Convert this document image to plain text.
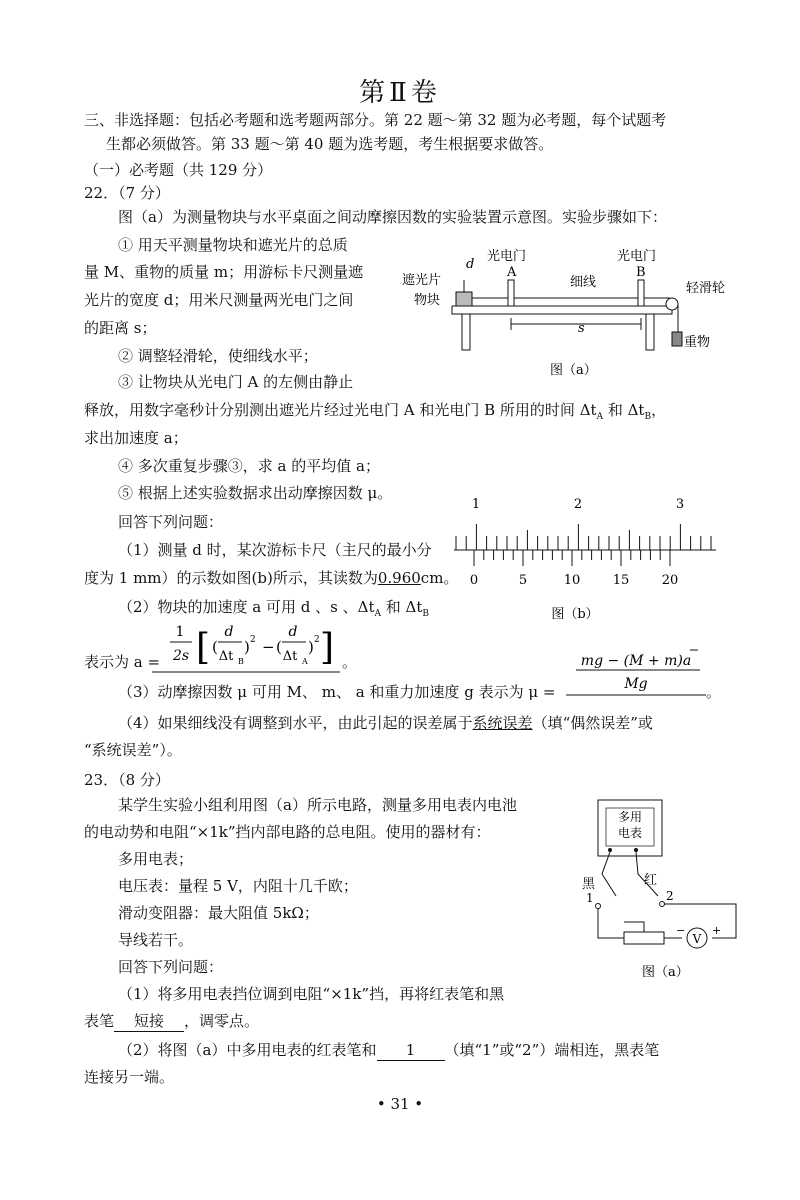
第Ⅱ卷
三、非选择题：包括必考题和选考题两部分。第 22 题～第 32 题为必考题，每个试题考
生都必须做答。第 33 题～第 40 题为选考题，考生根据要求做答。
（一）必考题（共 129 分）
22．（7 分）
图（a）为测量物块与水平桌面之间动摩擦因数的实验装置示意图。实验步骤如下：
① 用天平测量物块和遮光片的总质
量 M、重物的质量 m；用游标卡尺测量遮
光片的宽度 d；用米尺测量两光电门之间
的距离 s；
② 调整轻滑轮，使细线水平；
③ 让物块从光电门 A 的左侧由静止
释放，用数字毫秒计分别测出遮光片经过光电门 A 和光电门 B 所用的时间 $\Delta t_A$ 和 $\Delta t_B$，
求出加速度 a；
④ 多次重复步骤③，求 a 的平均值 a；
⑤ 根据上述实验数据求出动摩擦因数 μ。
回答下列问题：
（1）测量 d 时，某次游标卡尺（主尺的最小分
度为 1 mm）的示数如图(b)所示，其读数为0.960cm。
（2）物块的加速度 a 可用 d 、s 、$\Delta t_A$ 和 $\Delta t_B$
表示为 a =
1
2s [ (
d
Δt B
) 2 − (
d
Δt A
) 2 ] 。	mg − (M + m)a
Mg
（3）动摩擦因数 μ 可用 M、 m、 a 和重力加速度 g 表示为 μ =	。
（4）如果细线没有调整到水平，由此引起的误差属于系统误差（填“偶然误差”或
“系统误差”）。
光电门
A
光电门
B
d
遮光片
物块
细线	轻滑轮
s
重物
图（a）
1	2	3
0	5	10 15 20
图（b）
23．（8 分）
某学生实验小组利用图（a）所示电路，测量多用电表内电池
的电动势和电阻“×1k”挡内部电路的总电阻。使用的器材有：
多用电表；
电压表：量程 5 V，内阻十几千欧；
滑动变阻器：最大阻值 5kΩ；
导线若干。
回答下列问题：
（1）将多用电表挡位调到电阻“×1k”挡，再将红表笔和黑
表笔 短接 ，调零点。
（2）将图（a）中多用电表的红表笔和 1 （填“1”或“2”）端相连，黑表笔
连接另一端。
多用
电表
黑	红
1	2
V
− +
图（a）
• 31 •
